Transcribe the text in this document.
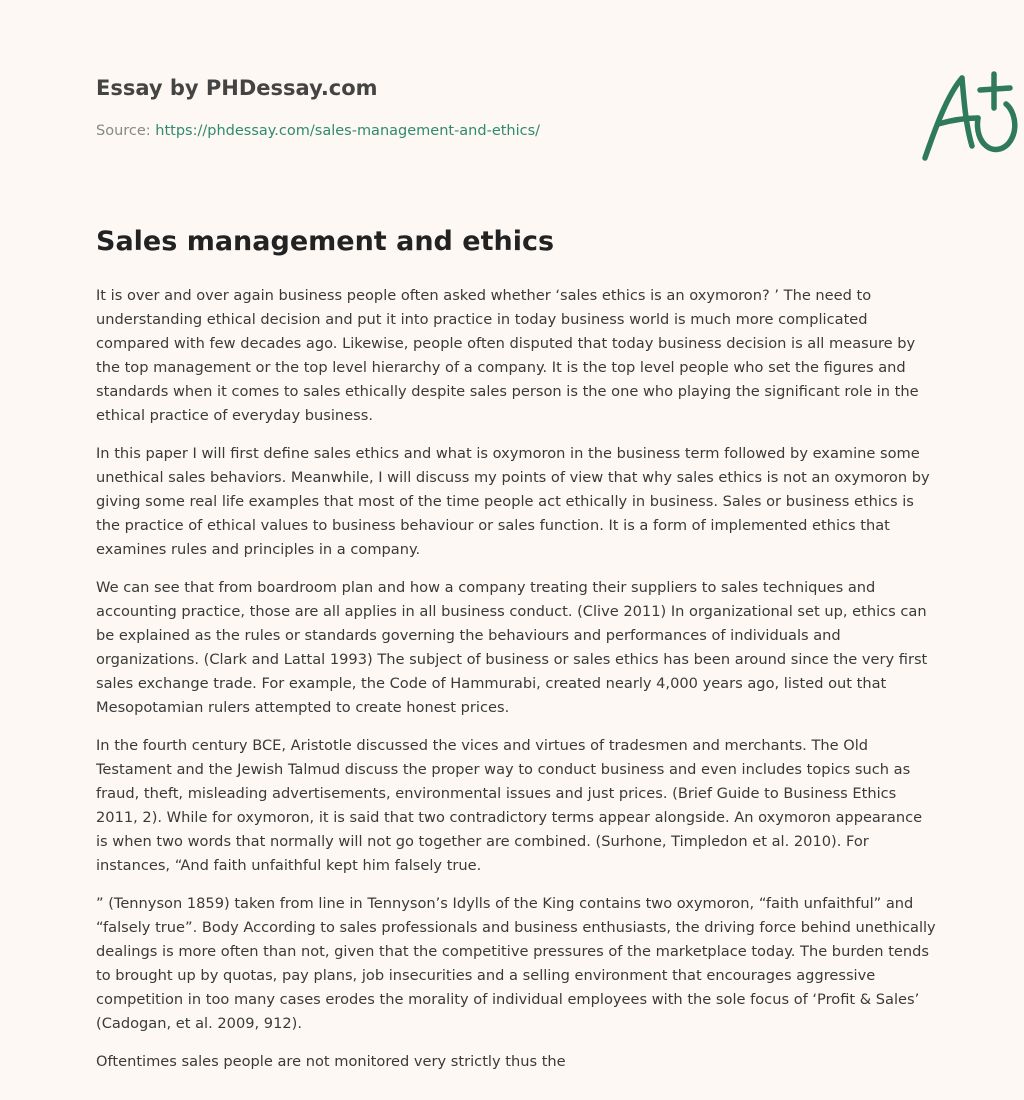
Essay by PHDessay.com
Source: https://phdessay.com/sales-management-and-ethics/
Sales management and ethics

It is over and over again business people often asked whether ‘sales ethics is an oxymoron? ’ The need to understanding ethical decision and put it into practice in today business world is much more complicated compared with few decades ago. Likewise, people often disputed that today business decision is all measure by the top management or the top level hierarchy of a company. It is the top level people who set the figures and standards when it comes to sales ethically despite sales person is the one who playing the significant role in the ethical practice of everyday business.

In this paper I will first define sales ethics and what is oxymoron in the business term followed by examine some unethical sales behaviors. Meanwhile, I will discuss my points of view that why sales ethics is not an oxymoron by giving some real life examples that most of the time people act ethically in business. Sales or business ethics is the practice of ethical values to business behaviour or sales function. It is a form of implemented ethics that examines rules and principles in a company.

We can see that from boardroom plan and how a company treating their suppliers to sales techniques and accounting practice, those are all applies in all business conduct. (Clive 2011) In organizational set up, ethics can be explained as the rules or standards governing the behaviours and performances of individuals and organizations. (Clark and Lattal 1993) The subject of business or sales ethics has been around since the very first sales exchange trade. For example, the Code of Hammurabi, created nearly 4,000 years ago, listed out that Mesopotamian rulers attempted to create honest prices.

In the fourth century BCE, Aristotle discussed the vices and virtues of tradesmen and merchants. The Old Testament and the Jewish Talmud discuss the proper way to conduct business and even includes topics such as fraud, theft, misleading advertisements, environmental issues and just prices. (Brief Guide to Business Ethics 2011, 2). While for oxymoron, it is said that two contradictory terms appear alongside. An oxymoron appearance is when two words that normally will not go together are combined. (Surhone, Timpledon et al. 2010). For instances, “And faith unfaithful kept him falsely true.

” (Tennyson 1859) taken from line in Tennyson’s Idylls of the King contains two oxymoron, “faith unfaithful” and “falsely true”. Body According to sales professionals and business enthusiasts, the driving force behind unethically dealings is more often than not, given that the competitive pressures of the marketplace today. The burden tends to brought up by quotas, pay plans, job insecurities and a selling environment that encourages aggressive competition in too many cases erodes the morality of individual employees with the sole focus of ‘Profit & Sales’ (Cadogan, et al. 2009, 912).

Oftentimes sales people are not monitored very strictly thus the
